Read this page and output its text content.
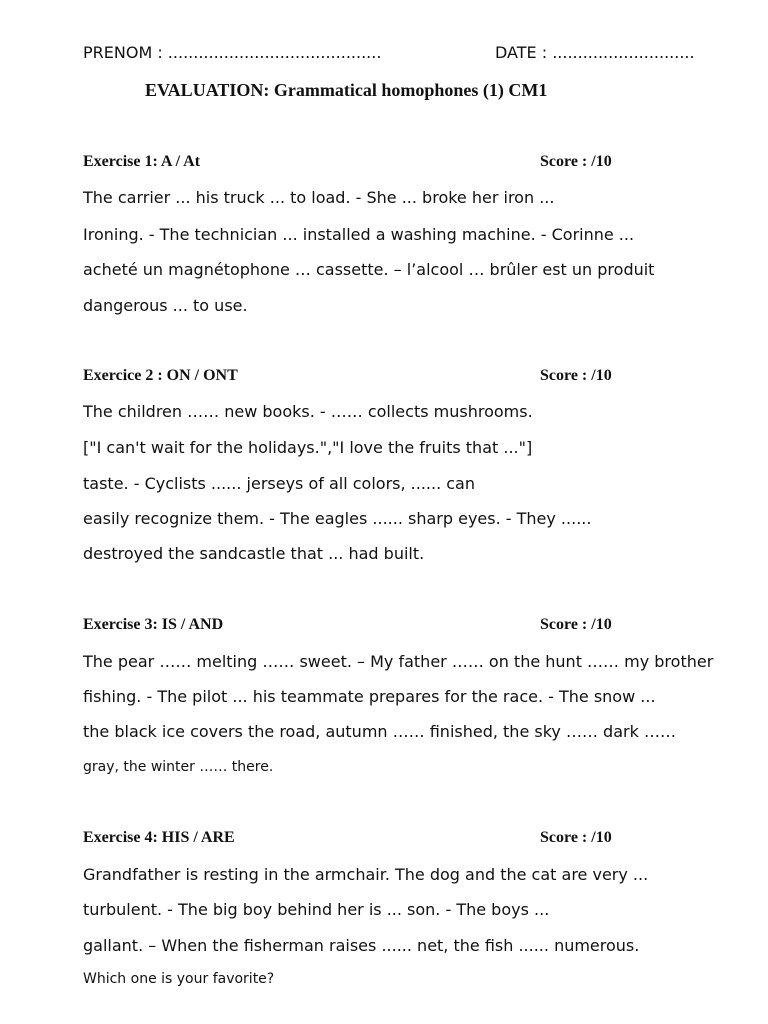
PRENOM : ..........................................	DATE : ............................
EVALUATION: Grammatical homophones (1) CM1
Exercise 1: A / At	Score : /10
The carrier ... his truck ... to load. - She ... broke her iron ...
Ironing. - The technician ... installed a washing machine. - Corinne ...
acheté un magnétophone … cassette. – l’alcool … brûler est un produit
dangerous ... to use.
Exercice 2 : ON / ONT	Score : /10
The children …… new books. - …… collects mushrooms.
["I can't wait for the holidays.","I love the fruits that ..."]
taste. - Cyclists ...... jerseys of all colors, ...... can
easily recognize them. - The eagles ...... sharp eyes. - They ......
destroyed the sandcastle that ... had built.
Exercise 3: IS / AND	Score : /10
The pear …… melting …… sweet. – My father …… on the hunt …… my brother
fishing. - The pilot ... his teammate prepares for the race. - The snow ...
the black ice covers the road, autumn …… finished, the sky …… dark ……
gray, the winter …… there.
Exercise 4: HIS / ARE	Score : /10
Grandfather is resting in the armchair. The dog and the cat are very ...
turbulent. - The big boy behind her is ... son. - The boys ...
gallant. – When the fisherman raises ...... net, the fish ...... numerous.
Which one is your favorite?
